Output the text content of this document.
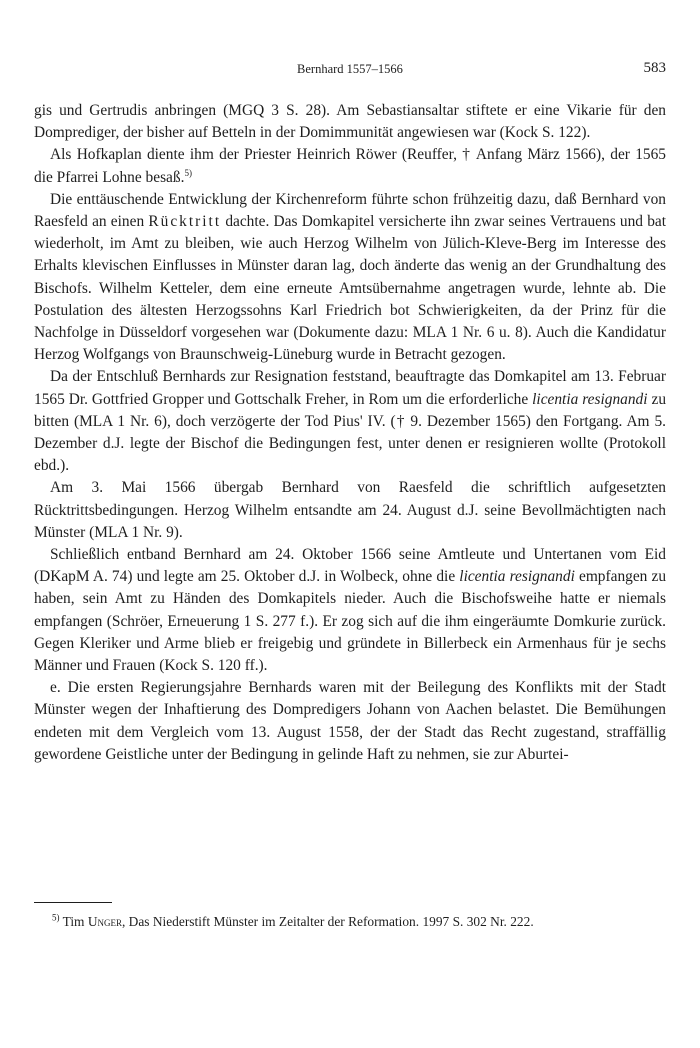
Bernhard 1557–1566	583

gis und Gertrudis anbringen (MGQ 3 S. 28). Am Sebastiansaltar stiftete er eine Vikarie für den Domprediger, der bisher auf Betteln in der Domimmunität angewiesen war (Kock S. 122).

Als Hofkaplan diente ihm der Priester Heinrich Röwer (Reuffer, † Anfang März 1566), der 1565 die Pfarrei Lohne besaß.$^{5)}$

Die enttäuschende Entwicklung der Kirchenreform führte schon frühzeitig dazu, daß Bernhard von Raesfeld an einen Rücktritt dachte. Das Domkapitel versicherte ihn zwar seines Vertrauens und bat wiederholt, im Amt zu bleiben, wie auch Herzog Wilhelm von Jülich-Kleve-Berg im Interesse des Erhalts klevischen Einflusses in Münster daran lag, doch änderte das wenig an der Grundhaltung des Bischofs. Wilhelm Ketteler, dem eine erneute Amtsübernahme angetragen wurde, lehnte ab. Die Postulation des ältesten Herzogssohns Karl Friedrich bot Schwierigkeiten, da der Prinz für die Nachfolge in Düsseldorf vorgesehen war (Dokumente dazu: MLA 1 Nr. 6 u. 8). Auch die Kandidatur Herzog Wolfgangs von Braunschweig-Lüneburg wurde in Betracht gezogen.

Da der Entschluß Bernhards zur Resignation feststand, beauftragte das Domkapitel am 13. Februar 1565 Dr. Gottfried Gropper und Gottschalk Freher, in Rom um die erforderliche licentia resignandi zu bitten (MLA 1 Nr. 6), doch verzögerte der Tod Pius' IV. († 9. Dezember 1565) den Fortgang. Am 5. Dezember d.J. legte der Bischof die Bedingungen fest, unter denen er resignieren wollte (Protokoll ebd.).

Am 3. Mai 1566 übergab Bernhard von Raesfeld die schriftlich aufgesetzten Rücktrittsbedingungen. Herzog Wilhelm entsandte am 24. August d.J. seine Bevollmächtigten nach Münster (MLA 1 Nr. 9).

Schließlich entband Bernhard am 24. Oktober 1566 seine Amtleute und Untertanen vom Eid (DKapM A. 74) und legte am 25. Oktober d.J. in Wolbeck, ohne die licentia resignandi empfangen zu haben, sein Amt zu Händen des Domkapitels nieder. Auch die Bischofsweihe hatte er niemals empfangen (Schröer, Erneuerung 1 S. 277 f.). Er zog sich auf die ihm eingeräumte Domkurie zurück. Gegen Kleriker und Arme blieb er freigebig und gründete in Billerbeck ein Armenhaus für je sechs Männer und Frauen (Kock S. 120 ff.).

e. Die ersten Regierungsjahre Bernhards waren mit der Beilegung des Konflikts mit der Stadt Münster wegen der Inhaftierung des Dompredigers Johann von Aachen belastet. Die Bemühungen endeten mit dem Vergleich vom 13. August 1558, der der Stadt das Recht zugestand, straffällig gewordene Geistliche unter der Bedingung in gelinde Haft zu nehmen, sie zur Aburtei-

$^{5)}$ Tim Unger, Das Niederstift Münster im Zeitalter der Reformation. 1997 S. 302 Nr. 222.
